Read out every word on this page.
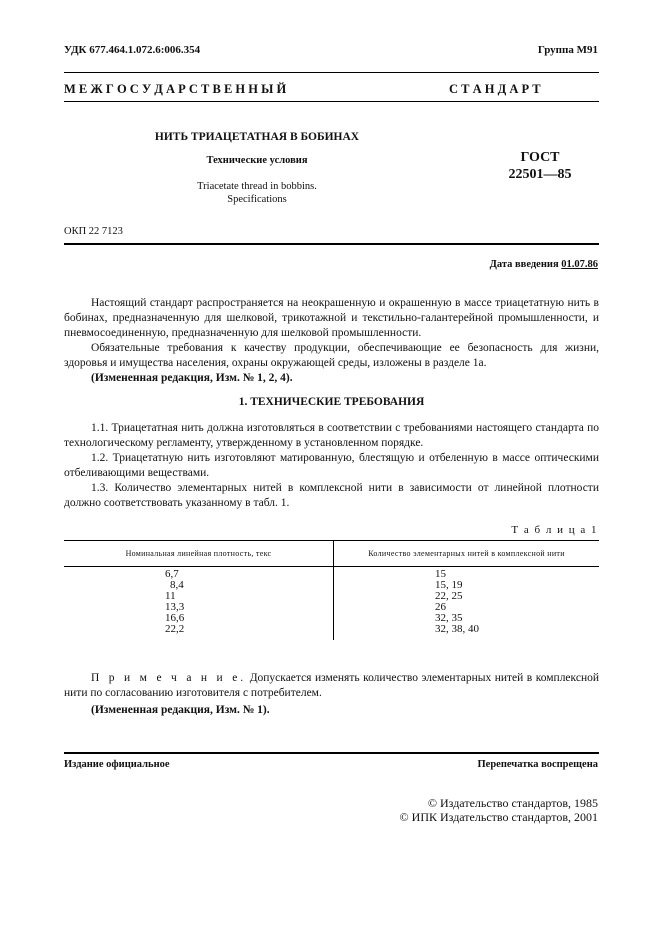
УДК 677.464.1.072.6:006.354	Группа М91
М Е Ж Г О С У Д А Р С Т В Е Н Н Ы Й	С Т А Н Д А Р Т
НИТЬ ТРИАЦЕТАТНАЯ В БОБИНАХ
Технические условия
Triacetate thread in bobbins.
Specifications
ГОСТ
22501—85
ОКП 22 7123
Дата введения 01.07.86

Настоящий стандарт распространяется на неокрашенную и окрашенную в массе триацетатную нить в бобинах, предназначенную для шелковой, трикотажной и текстильно-галантерейной промышленности, и пневмосоединенную, предназначенную для шелковой промышленности.

Обязательные требования к качеству продукции, обеспечивающие ее безопасность для жизни, здоровья и имущества населения, охраны окружающей среды, изложены в разделе 1а.

(Измененная редакция, Изм. № 1, 2, 4).

1. ТЕХНИЧЕСКИЕ ТРЕБОВАНИЯ

1.1. Триацетатная нить должна изготовляться в соответствии с требованиями настоящего стандарта по технологическому регламенту, утвержденному в установленном порядке.

1.2. Триацетатную нить изготовляют матированную, блестящую и отбеленную в массе оптическими отбеливающими веществами.

1.3. Количество элементарных нитей в комплексной нити в зависимости от линейной плотности должно соответствовать указанному в табл. 1.

Т а б л и ц а 1
Номинальная линейная плотность, текс	Количество элементарных нитей в комплексной нити
6,7	15
8,4	15, 19
11	22, 25
13,3	26
16,6	32, 35
22,2	32, 38, 40

П р и м е ч а н и е. Допускается изменять количество элементарных нитей в комплексной нити по согласованию изготовителя с потребителем.

(Измененная редакция, Изм. № 1).

Издание официальное	Перепечатка воспрещена
© Издательство стандартов, 1985
© ИПК Издательство стандартов, 2001
